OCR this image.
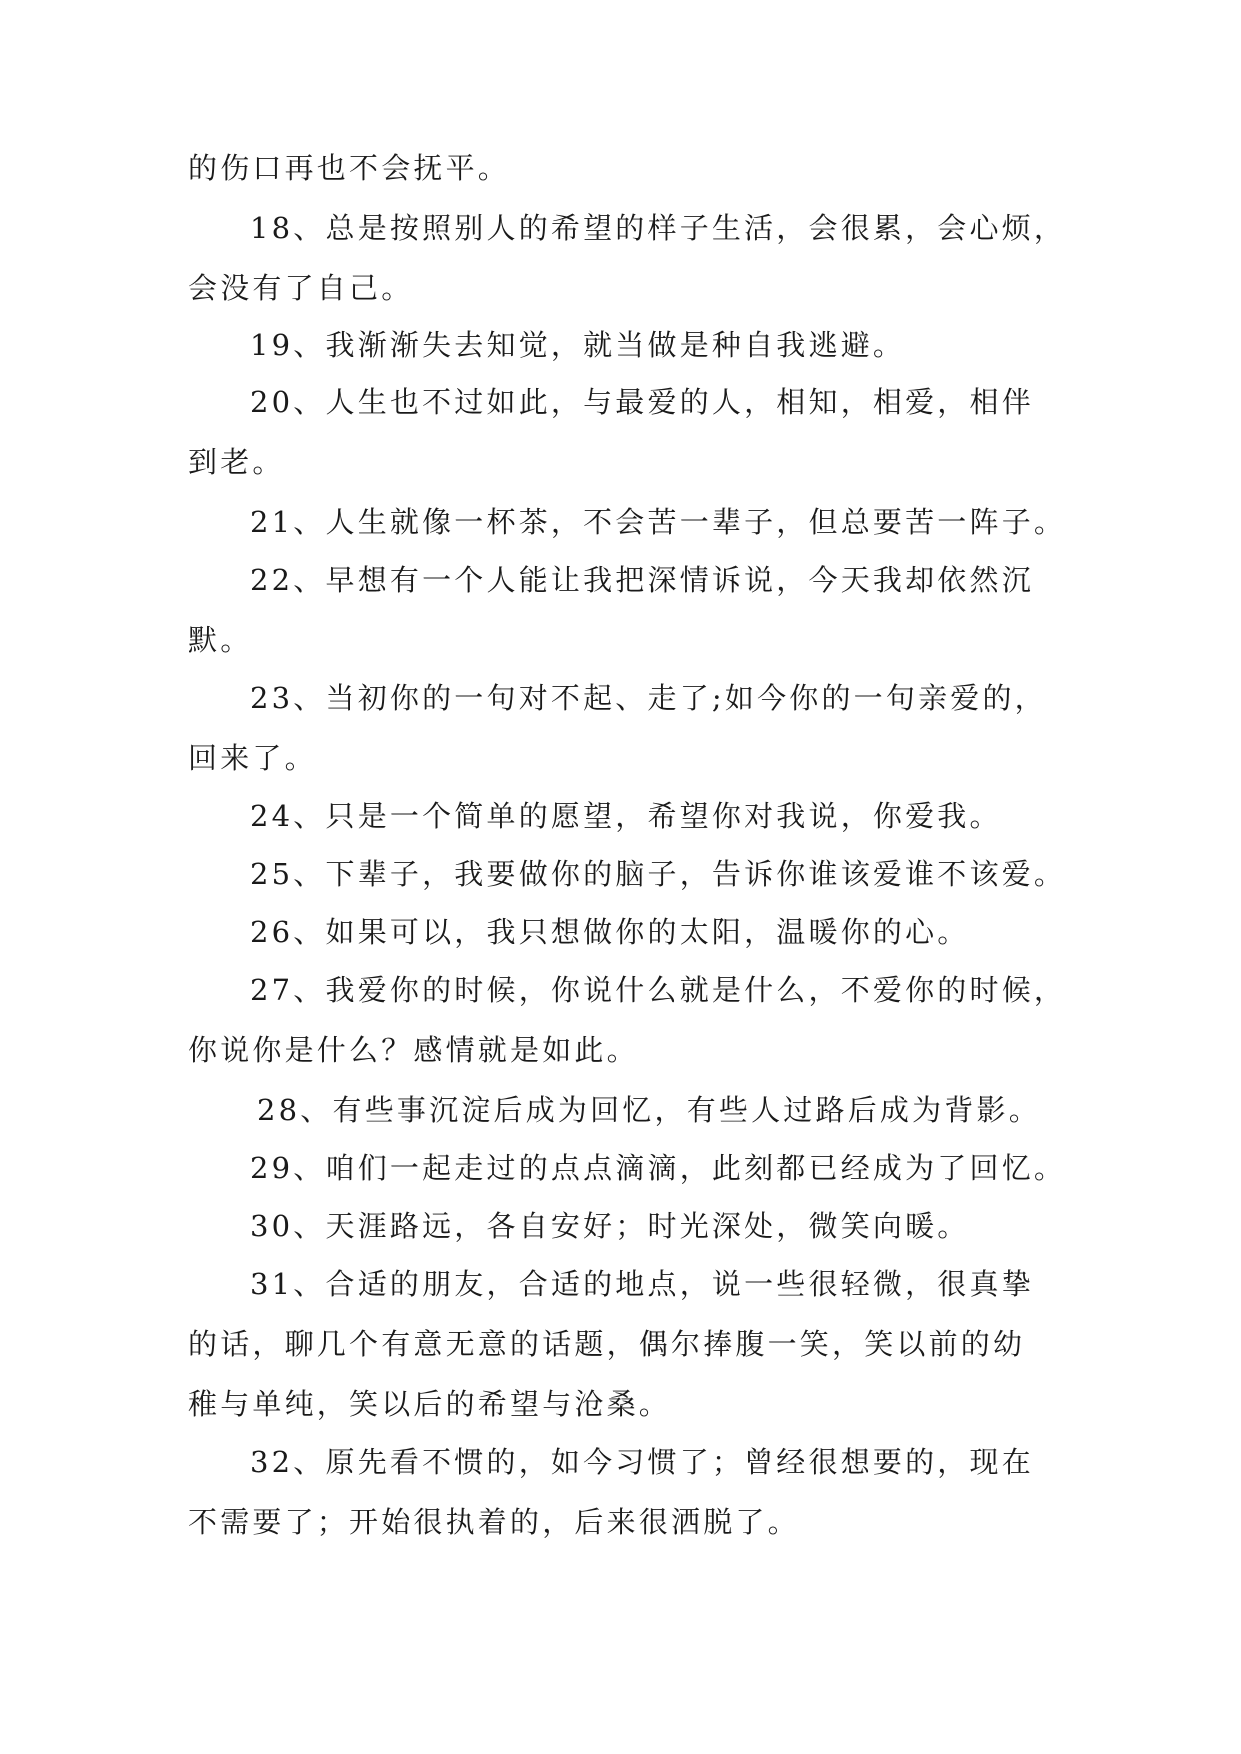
的伤口再也不会抚平。
18、总是按照别人的希望的样子生活，会很累，会心烦，
会没有了自己。
19、我渐渐失去知觉，就当做是种自我逃避。
20、人生也不过如此，与最爱的人，相知，相爱，相伴
到老。
21、人生就像一杯茶，不会苦一辈子，但总要苦一阵子。
22、早想有一个人能让我把深情诉说，今天我却依然沉
默。
23、当初你的一句对不起、走了;如今你的一句亲爱的，
回来了。
24、只是一个简单的愿望，希望你对我说，你爱我。
25、下辈子，我要做你的脑子，告诉你谁该爱谁不该爱。
26、如果可以，我只想做你的太阳，温暖你的心。
27、我爱你的时候，你说什么就是什么，不爱你的时候，
你说你是什么？感情就是如此。
28、有些事沉淀后成为回忆，有些人过路后成为背影。
29、咱们一起走过的点点滴滴，此刻都已经成为了回忆。
30、天涯路远，各自安好；时光深处，微笑向暖。
31、合适的朋友，合适的地点，说一些很轻微，很真挚
的话，聊几个有意无意的话题，偶尔捧腹一笑，笑以前的幼
稚与单纯，笑以后的希望与沧桑。
32、原先看不惯的，如今习惯了；曾经很想要的，现在
不需要了；开始很执着的，后来很洒脱了。
